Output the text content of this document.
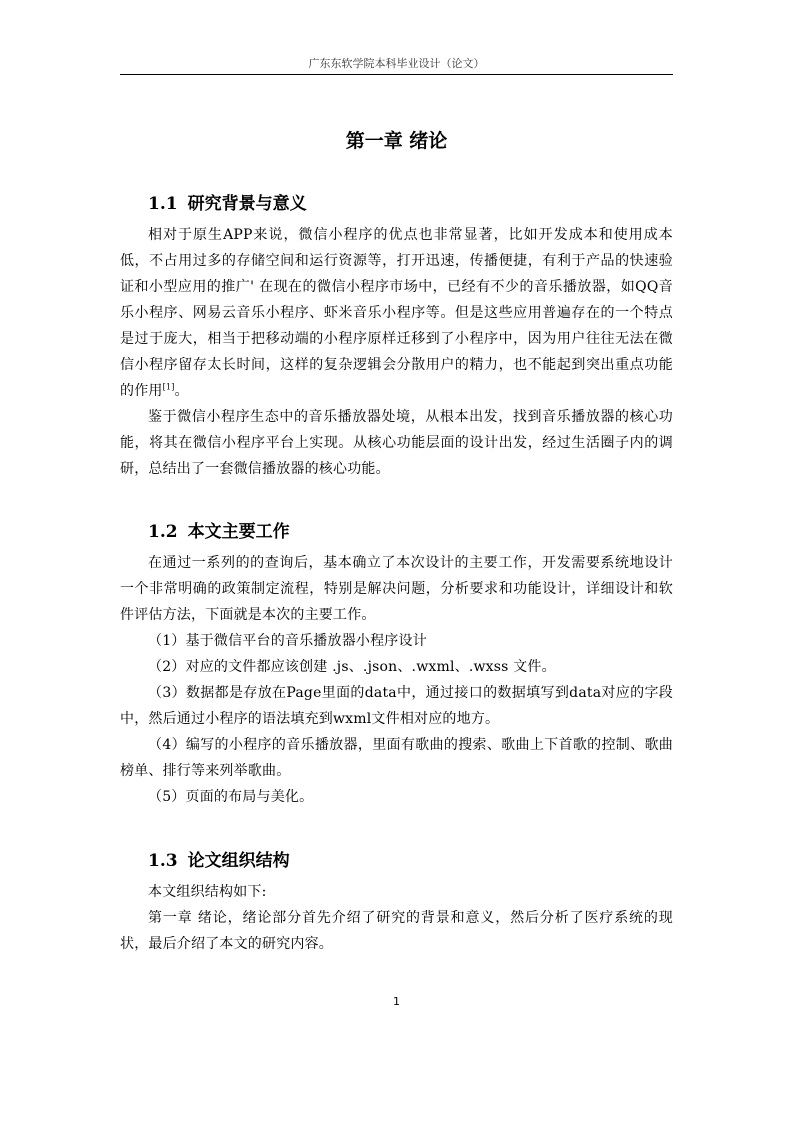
广东东软学院本科毕业设计（论文）
第一章 绪论
1.1 研究背景与意义

相对于原生APP来说，微信小程序的优点也非常显著，比如开发成本和使用成本低，不占用过多的存储空间和运行资源等，打开迅速，传播便捷，有利于产品的快速验证和小型应用的推广' 在现在的微信小程序市场中，已经有不少的音乐播放器，如QQ音乐小程序、网易云音乐小程序、虾米音乐小程序等。但是这些应用普遍存在的一个特点是过于庞大，相当于把移动端的小程序原样迁移到了小程序中，因为用户往往无法在微信小程序留存太长时间，这样的复杂逻辑会分散用户的精力，也不能起到突出重点功能的作用[1]。

鉴于微信小程序生态中的音乐播放器处境，从根本出发，找到音乐播放器的核心功能，将其在微信小程序平台上实现。从核心功能层面的设计出发，经过生活圈子内的调研，总结出了一套微信播放器的核心功能。

1.2 本文主要工作

在通过一系列的的查询后，基本确立了本次设计的主要工作，开发需要系统地设计一个非常明确的政策制定流程，特别是解决问题，分析要求和功能设计，详细设计和软件评估方法，下面就是本次的主要工作。

（1）基于微信平台的音乐播放器小程序设计

（2）对应的文件都应该创建 .js、.json、.wxml、.wxss 文件。

（3）数据都是存放在Page里面的data中，通过接口的数据填写到data对应的字段中，然后通过小程序的语法填充到wxml文件相对应的地方。

（4）编写的小程序的音乐播放器，里面有歌曲的搜索、歌曲上下首歌的控制、歌曲榜单、排行等来列举歌曲。

（5）页面的布局与美化。

1.3 论文组织结构

本文组织结构如下:

第一章 绪论，绪论部分首先介绍了研究的背景和意义，然后分析了医疗系统的现状，最后介绍了本文的研究内容。

1
